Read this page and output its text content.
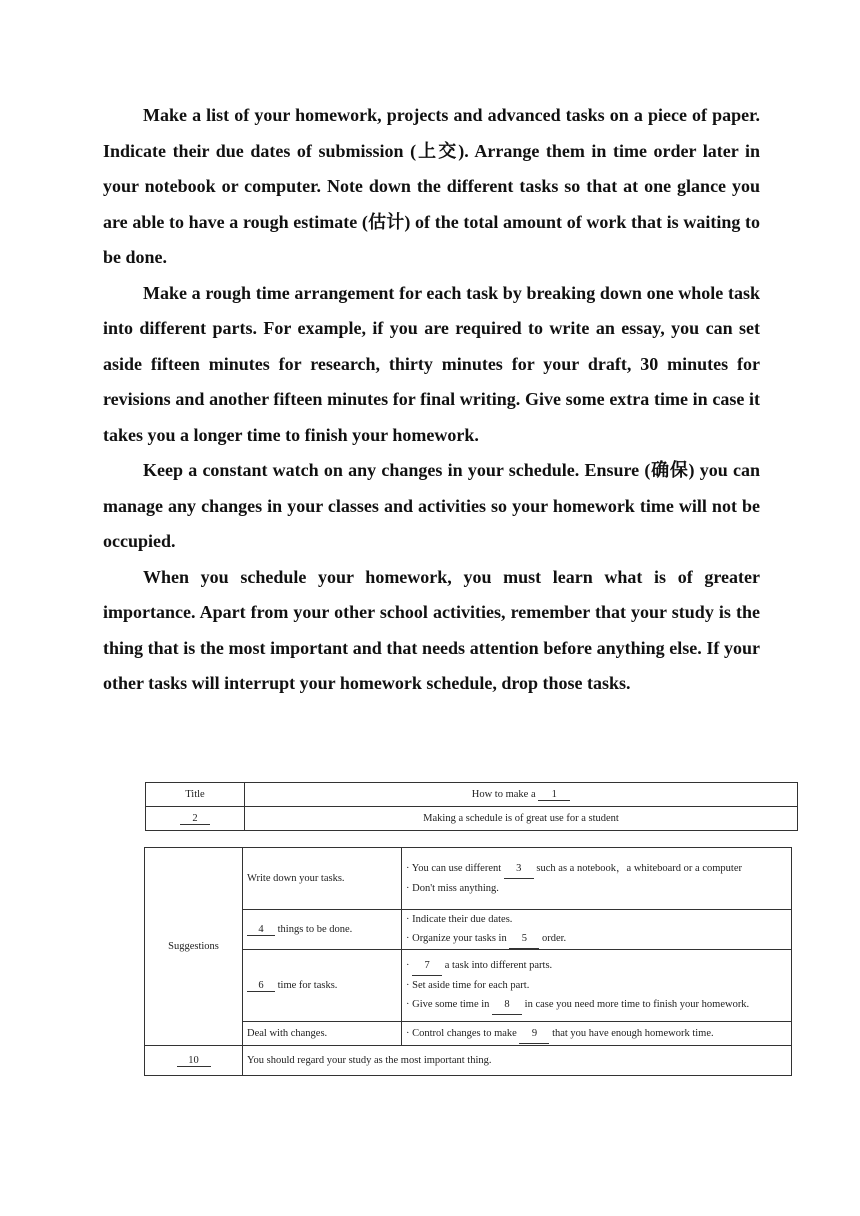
Make a list of your homework, projects and advanced tasks on a piece of paper. Indicate their due dates of submission (上交). Arrange them in time order later in your notebook or computer. Note down the different tasks so that at one glance you are able to have a rough estimate (估计) of the total amount of work that is waiting to be done.

Make a rough time arrangement for each task by breaking down one whole task into different parts. For example, if you are required to write an essay, you can set aside fifteen minutes for research, thirty minutes for your draft, 30 minutes for revisions and another fifteen minutes for final writing. Give some extra time in case it takes you a longer time to finish your homework.

Keep a constant watch on any changes in your schedule. Ensure (确保) you can manage any changes in your classes and activities so your homework time will not be occupied.

When you schedule your homework, you must learn what is of greater importance. Apart from your other school activities, remember that your study is the thing that is the most important and that needs attention before anything else. If your other tasks will interrupt your homework schedule, drop those tasks.

Title	How to make a 1
2	Making a schedule is of great use for a student
Suggestions	Write down your tasks.	· You can use different 3 such as a notebook，a whiteboard or a computer
· Don't miss anything.
	4 things to be done.	· Indicate their due dates.
· Organize your tasks in 5 order.
	6 time for tasks.	· 7 a task into different parts.
· Set aside time for each part.
· Give some time in 8 in case you need more time to finish your homework.
	Deal with changes.	· Control changes to make 9 that you have enough homework time.
10	You should regard your study as the most important thing.	
